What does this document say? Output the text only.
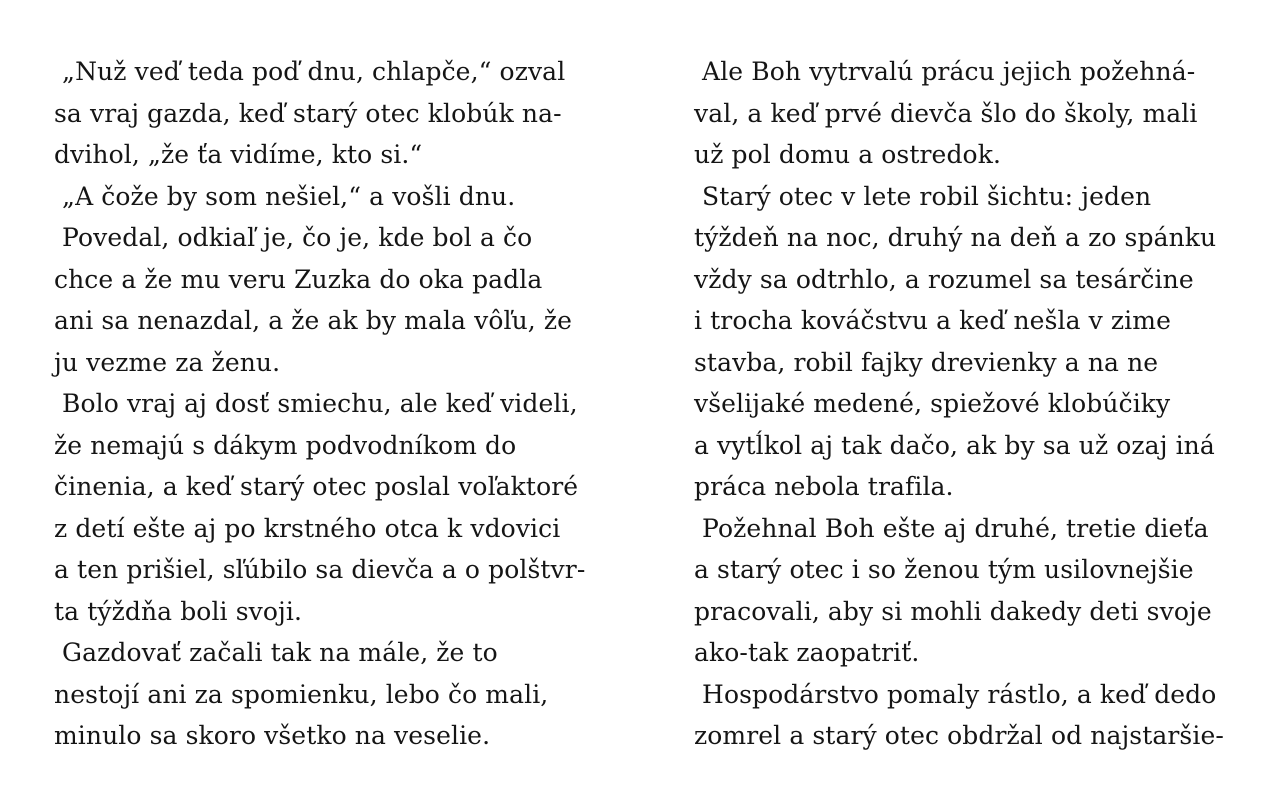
„Nuž veď teda poď dnu, chlapče,“ ozval
sa vraj gazda, keď starý otec klobúk na-
dvihol, „že ťa vidíme, kto si.“
„A čože by som nešiel,“ a vošli dnu.
Povedal, odkiaľ je, čo je, kde bol a čo
chce a že mu veru Zuzka do oka padla
ani sa nenazdal, a že ak by mala vôľu, že
ju vezme za ženu.
Bolo vraj aj dosť smiechu, ale keď videli,
že nemajú s dákym podvodníkom do
činenia, a keď starý otec poslal voľaktoré
z detí ešte aj po krstného otca k vdovici
a ten prišiel, sľúbilo sa dievča a o polštvr-
ta týždňa boli svoji.
Gazdovať začali tak na mále, že to
nestojí ani za spomienku, lebo čo mali,
minulo sa skoro všetko na veselie.
Ale Boh vytrvalú prácu jejich požehná-
val, a keď prvé dievča šlo do školy, mali
už pol domu a ostredok.
Starý otec v lete robil šichtu: jeden
týždeň na noc, druhý na deň a zo spánku
vždy sa odtrhlo, a rozumel sa tesárčine
i trocha kováčstvu a keď nešla v zime
stavba, robil fajky drevienky a na ne
všelijaké medené, spiežové klobúčiky
a vytĺkol aj tak dačo, ak by sa už ozaj iná
práca nebola trafila.
Požehnal Boh ešte aj druhé, tretie dieťa
a starý otec i so ženou tým usilovnejšie
pracovali, aby si mohli dakedy deti svoje
ako-tak zaopatriť.
Hospodárstvo pomaly rástlo, a keď dedo
zomrel a starý otec obdržal od najstaršie-
